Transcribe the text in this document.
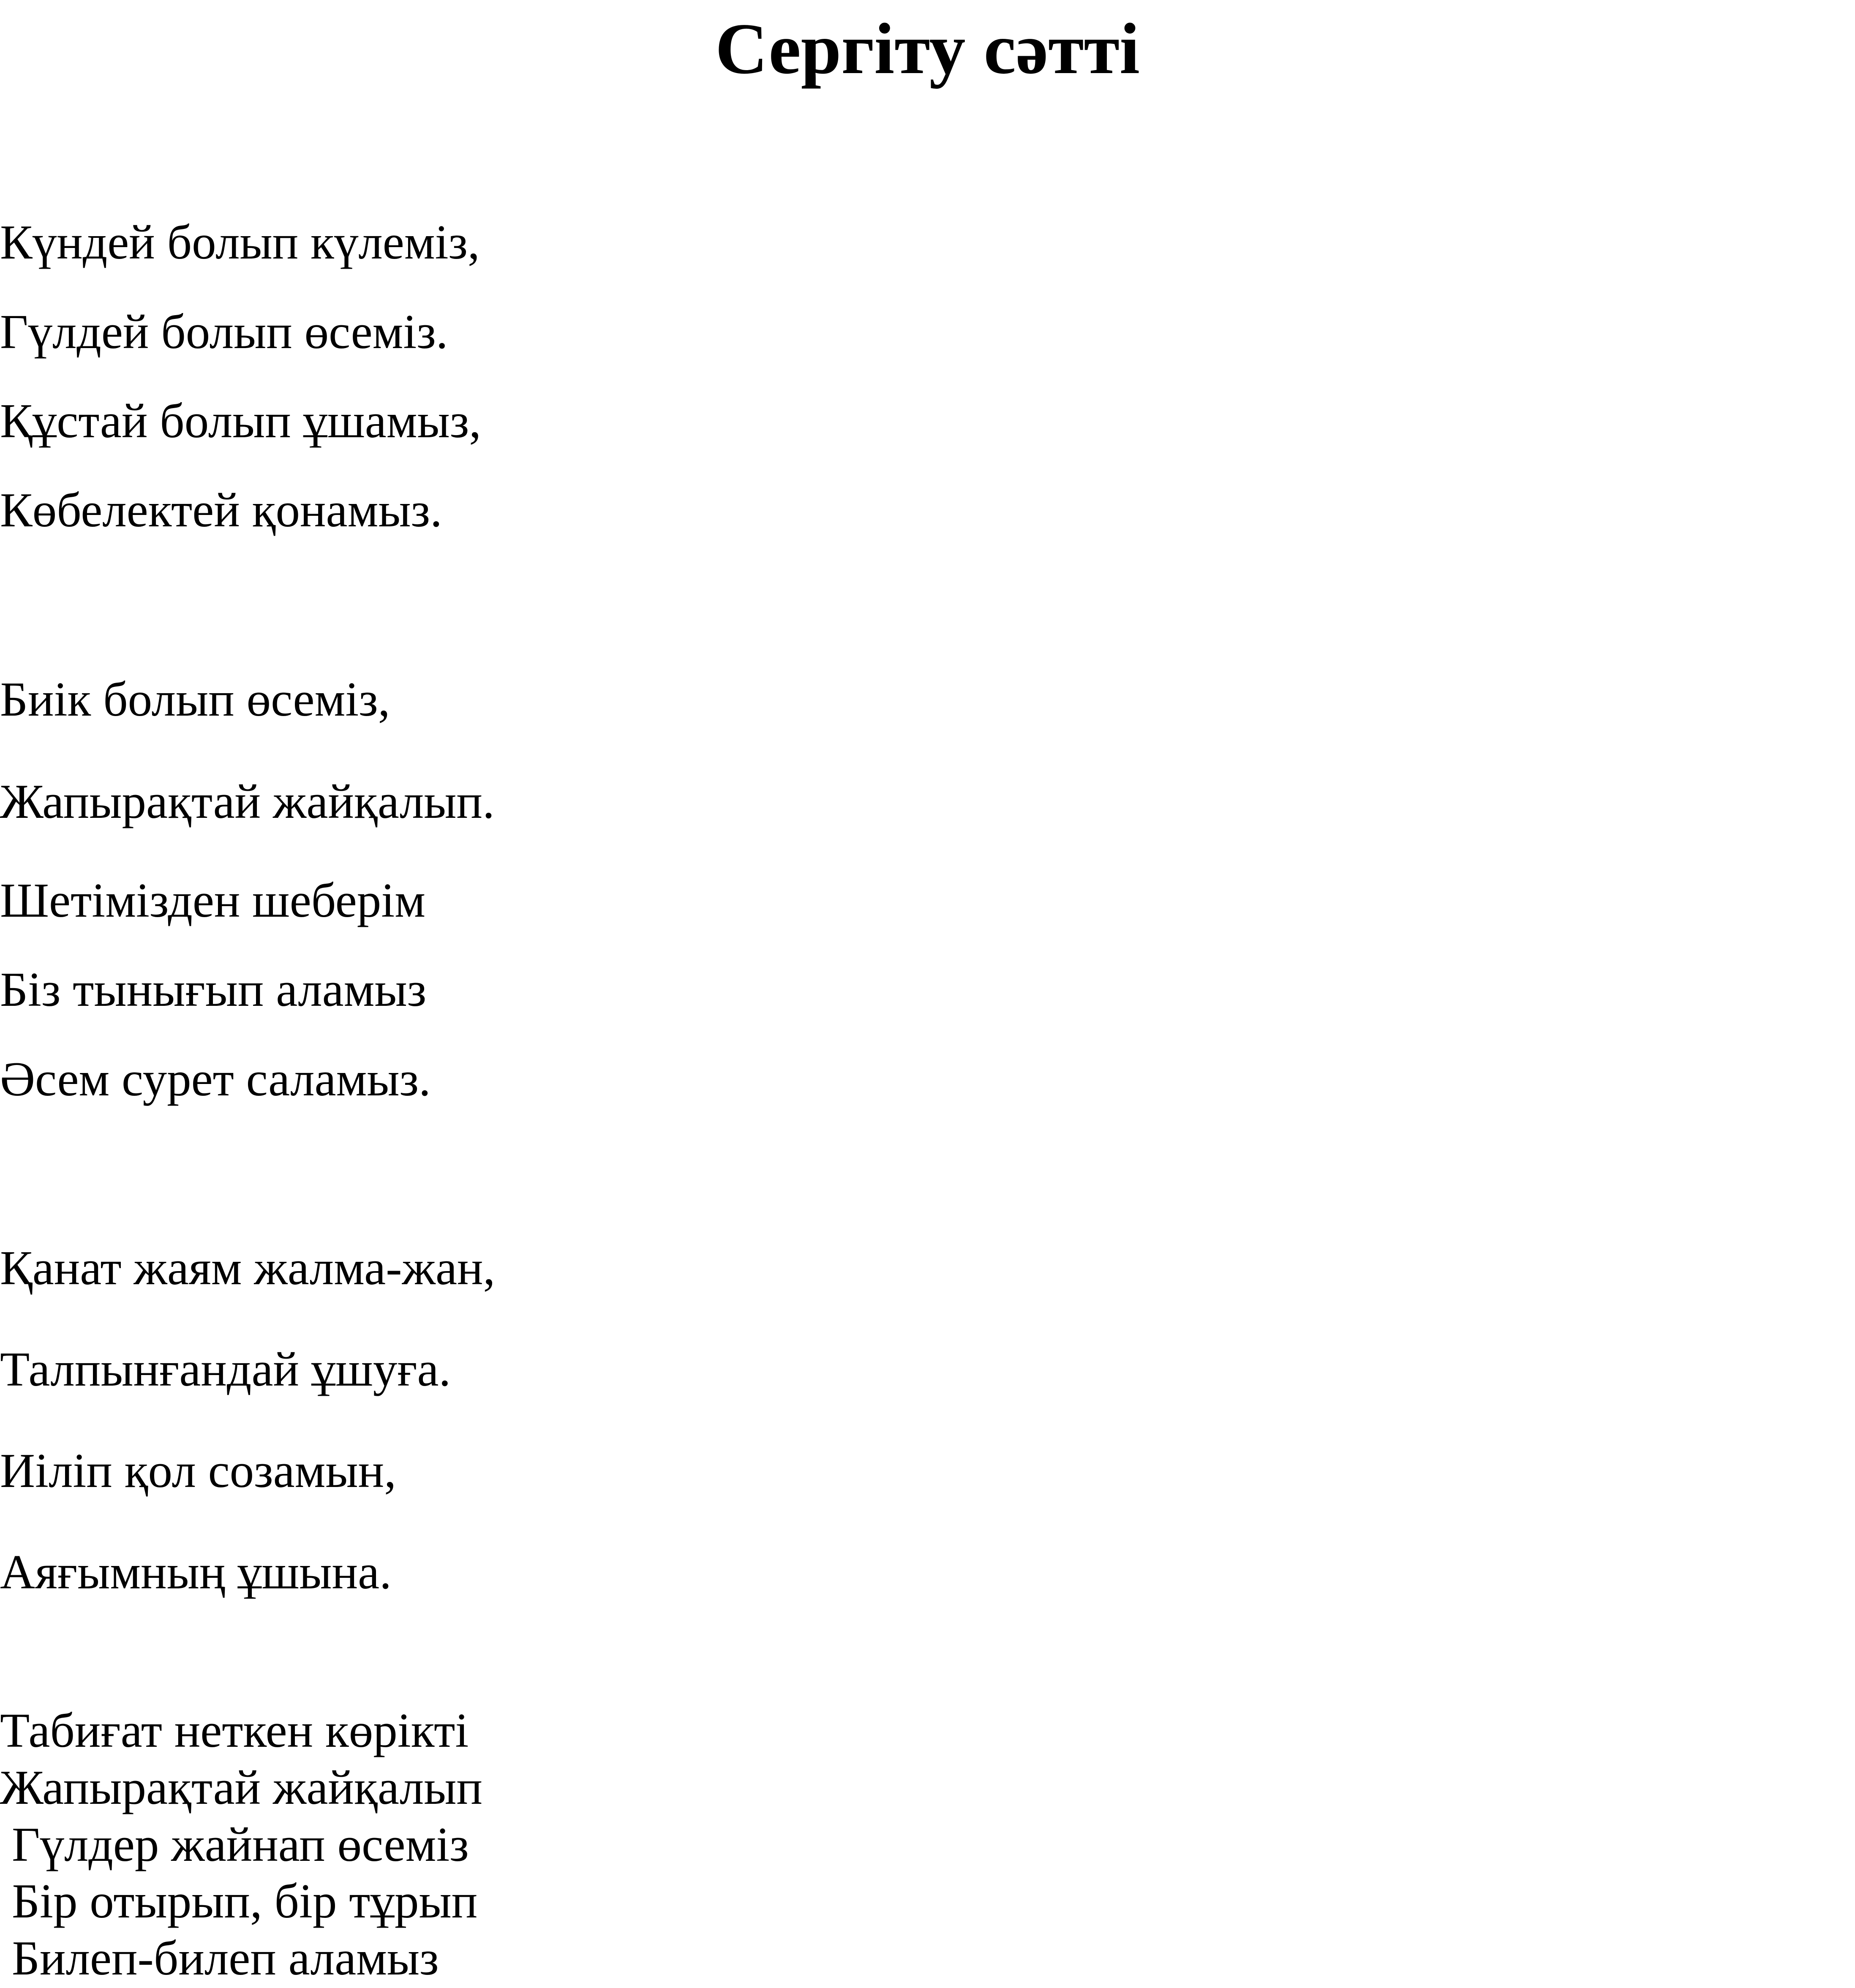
Сергіту сәтті

Күндей болып күлеміз,

Гүлдей болып өсеміз.

Құстай болып ұшамыз,

Көбелектей қонамыз.

Биік болып өсеміз,

Жапырақтай жайқалып.

Шетімізден шеберім

Біз тынығып аламыз

Әсем сурет саламыз.

Қанат жаям жалма-жан,

Талпынғандай ұшуға.

Иіліп қол созамын,

Аяғымның ұшына.

Табиғат неткен көрікті

Жапырақтай жайқалып

Гүлдер жайнап өсеміз

Бір отырып, бір тұрып

Билеп-билеп аламыз
